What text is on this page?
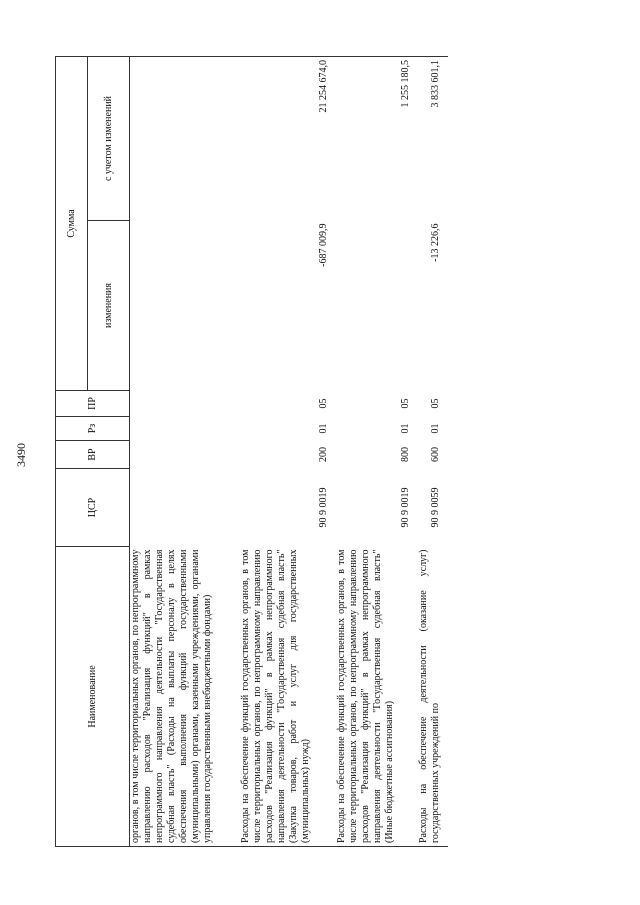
3490
Наименование	ЦСР	ВР	Рз	ПР	Сумма	
					изменения	с учетом изменений
органов, в том числе территориальных органов, по непрограммному направлению расходов "Реализация функций" в рамках непрограммного направления деятельности "Государственная судебная власть" (Расходы на выплаты персоналу в целях обеспечения выполнения функций государственными (муниципальными) органами, казенными учреждениями, органами управления государственными внебюджетными фондами)						
Расходы на обеспечение функций государственных органов, в том числе территориальных органов, по непрограммному направлению расходов "Реализация функций" в рамках непрограммного направления деятельности "Государственная судебная власть" (Закупка товаров, работ и услуг для государственных (муниципальных) нужд)	90 9 0019	200	01	05	-687 009,9	21 254 674,0
Расходы на обеспечение функций государственных органов, в том числе территориальных органов, по непрограммному направлению расходов "Реализация функций" в рамках непрограммного направления деятельности "Государственная судебная власть" (Иные бюджетные ассигнования)	90 9 0019	800	01	05		1 255 180,5
Расходы на обеспечение деятельности (оказание услуг) государственных учреждений по	90 9 0059	600	01	05	-13 226,6	3 833 601,1
